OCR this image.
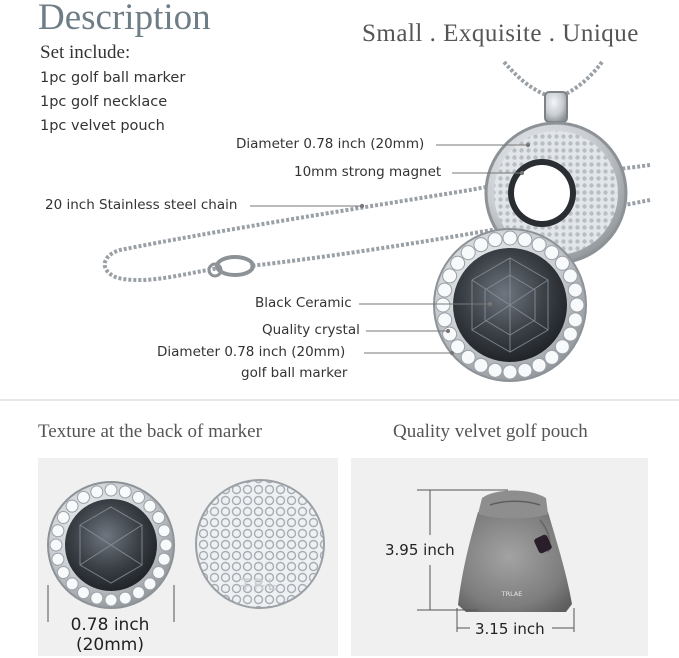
T̶R̶L̶	TRLAE
Description	Small . Exquisite . Unique
Set include:
1pc golf ball marker
1pc golf necklace
1pc velvet pouch
Diameter 0.78 inch (20mm)
10mm strong magnet
20 inch Stainless steel chain
Black Ceramic
Quality crystal
Diameter 0.78 inch (20mm)
golf ball marker
Texture at the back of marker	Quality velvet golf pouch
0.78 inch
(20mm)
3.95 inch
3.15 inch
